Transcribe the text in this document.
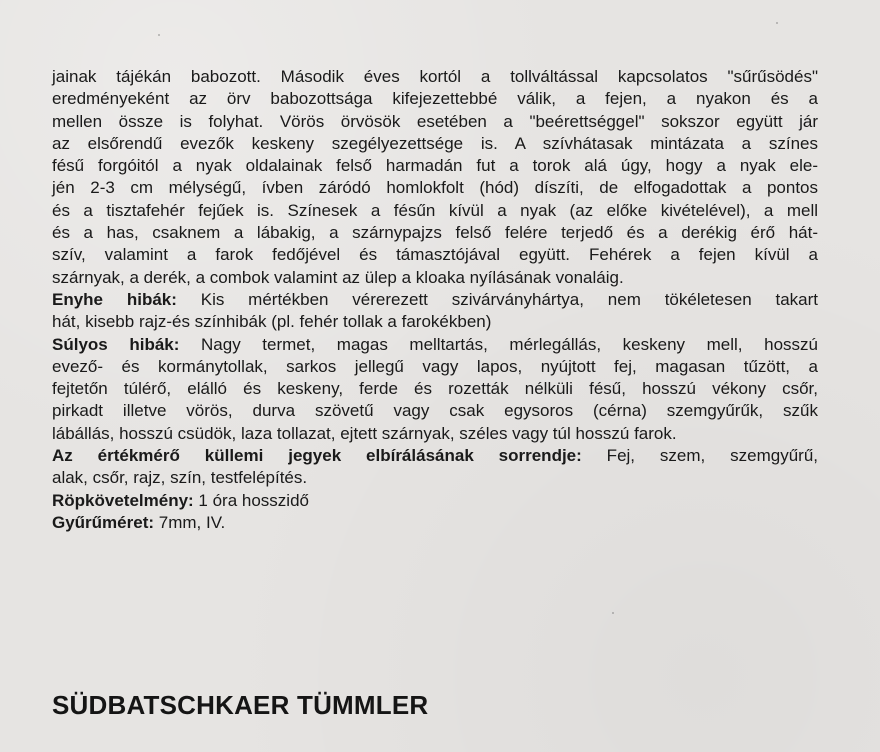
jainak tájékán babozott. Második éves kortól a tollváltással kapcsolatos "sűrűsödés"
eredményeként az örv babozottsága kifejezettebbé válik, a fejen, a nyakon és a
mellen össze is folyhat. Vörös örvösök esetében a "beérettséggel" sokszor együtt jár
az elsőrendű evezők keskeny szegélyezettsége is. A szívhátasak mintázata a színes
fésű forgóitól a nyak oldalainak felső harmadán fut a torok alá úgy, hogy a nyak ele-
jén 2-3 cm mélységű, ívben záródó homlokfolt (hód) díszíti, de elfogadottak a pontos
és a tisztafehér fejűek is. Színesek a fésűn kívül a nyak (az előke kivételével), a mell
és a has, csaknem a lábakig, a szárnypajzs felső felére terjedő és a derékig érő hát-
szív, valamint a farok fedőjével és támasztójával együtt. Fehérek a fejen kívül a
szárnyak, a derék, a combok valamint az ülep a kloaka nyílásának vonaláig.
Enyhe hibák: Kis mértékben vérerezett szivárványhártya, nem tökéletesen takart
hát, kisebb rajz-és színhibák (pl. fehér tollak a farokékben)
Súlyos hibák: Nagy termet, magas melltartás, mérlegállás, keskeny mell, hosszú
evező- és kormánytollak, sarkos jellegű vagy lapos, nyújtott fej, magasan tűzött, a
fejtetőn túlérő, elálló és keskeny, ferde és rozetták nélküli fésű, hosszú vékony csőr,
pirkadt illetve vörös, durva szövetű vagy csak egysoros (cérna) szemgyűrűk, szűk
lábállás, hosszú csüdök, laza tollazat, ejtett szárnyak, széles vagy túl hosszú farok.
Az értékmérő küllemi jegyek elbírálásának sorrendje: Fej, szem, szemgyűrű,
alak, csőr, rajz, szín, testfelépítés.
Röpkövetelmény: 1 óra hosszidő
Gyűrűméret: 7mm, IV.
SÜDBATSCHKAER TÜMMLER
